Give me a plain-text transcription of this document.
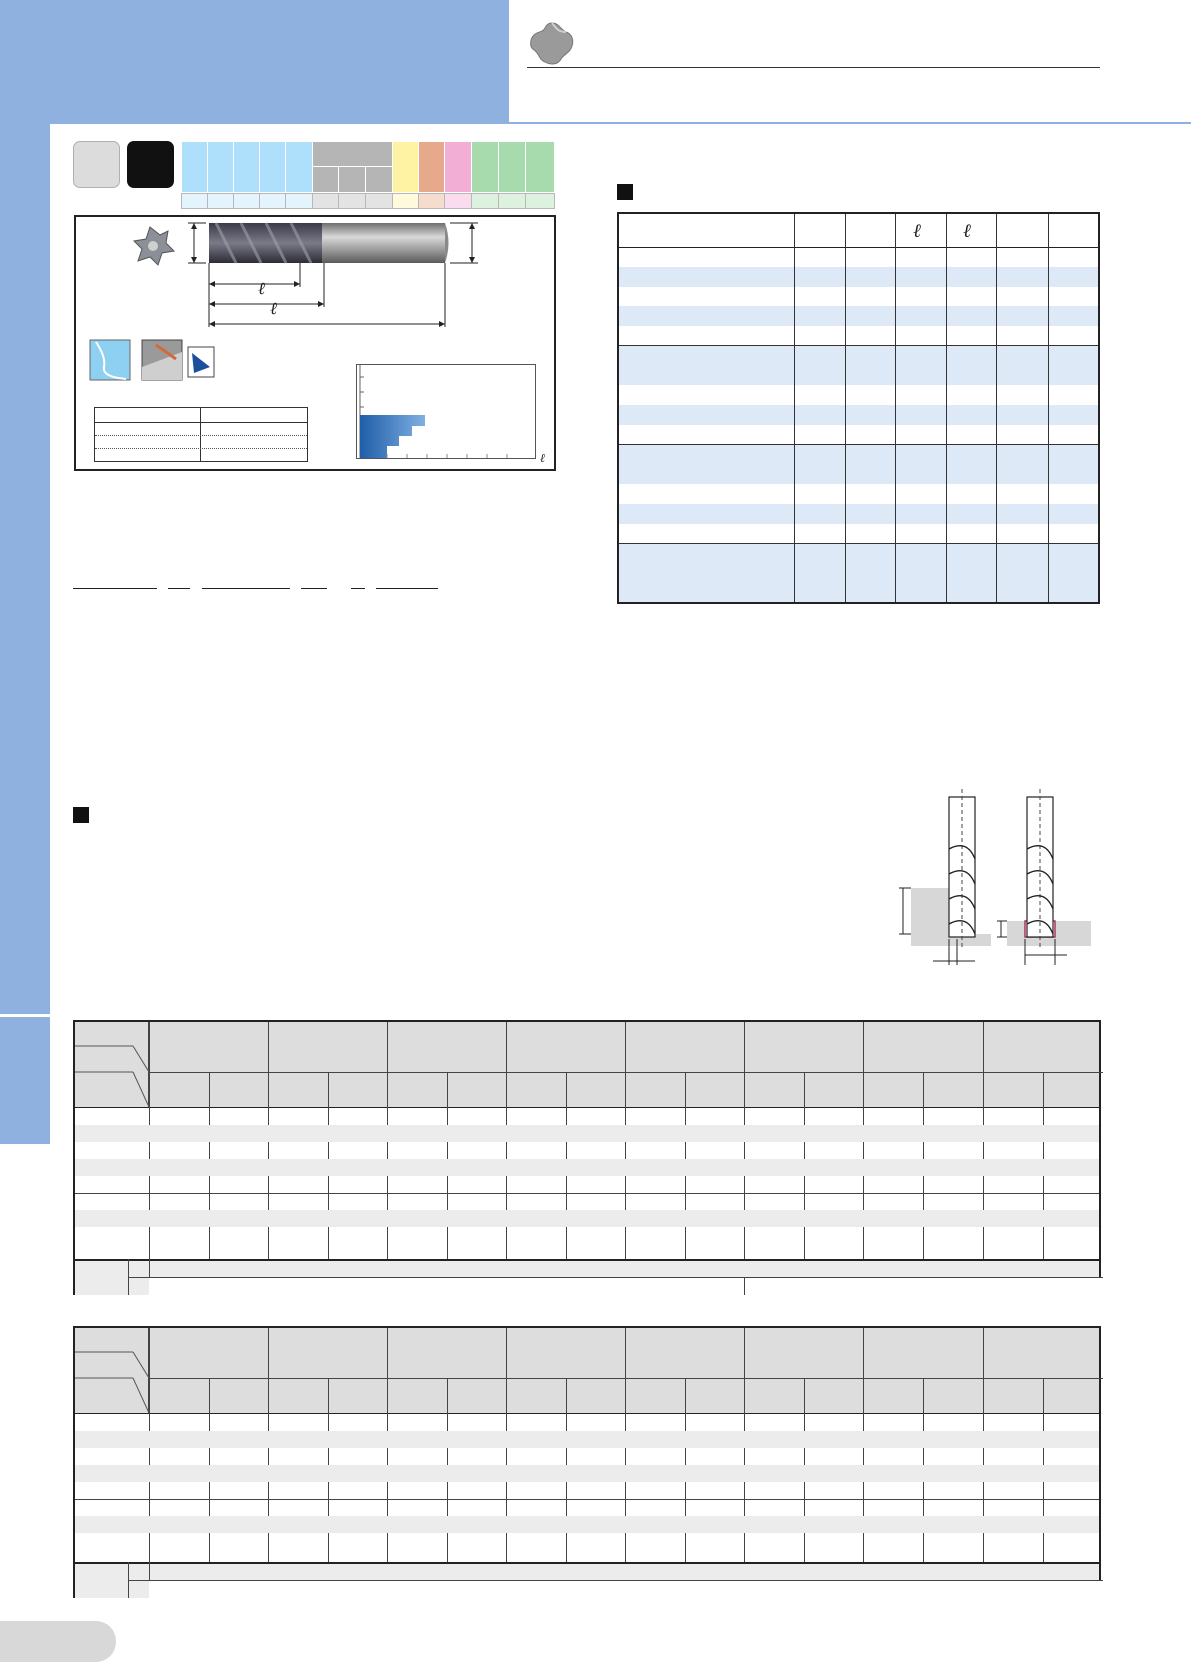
ℓ
ℓ
ℓ
ℓ ℓ
